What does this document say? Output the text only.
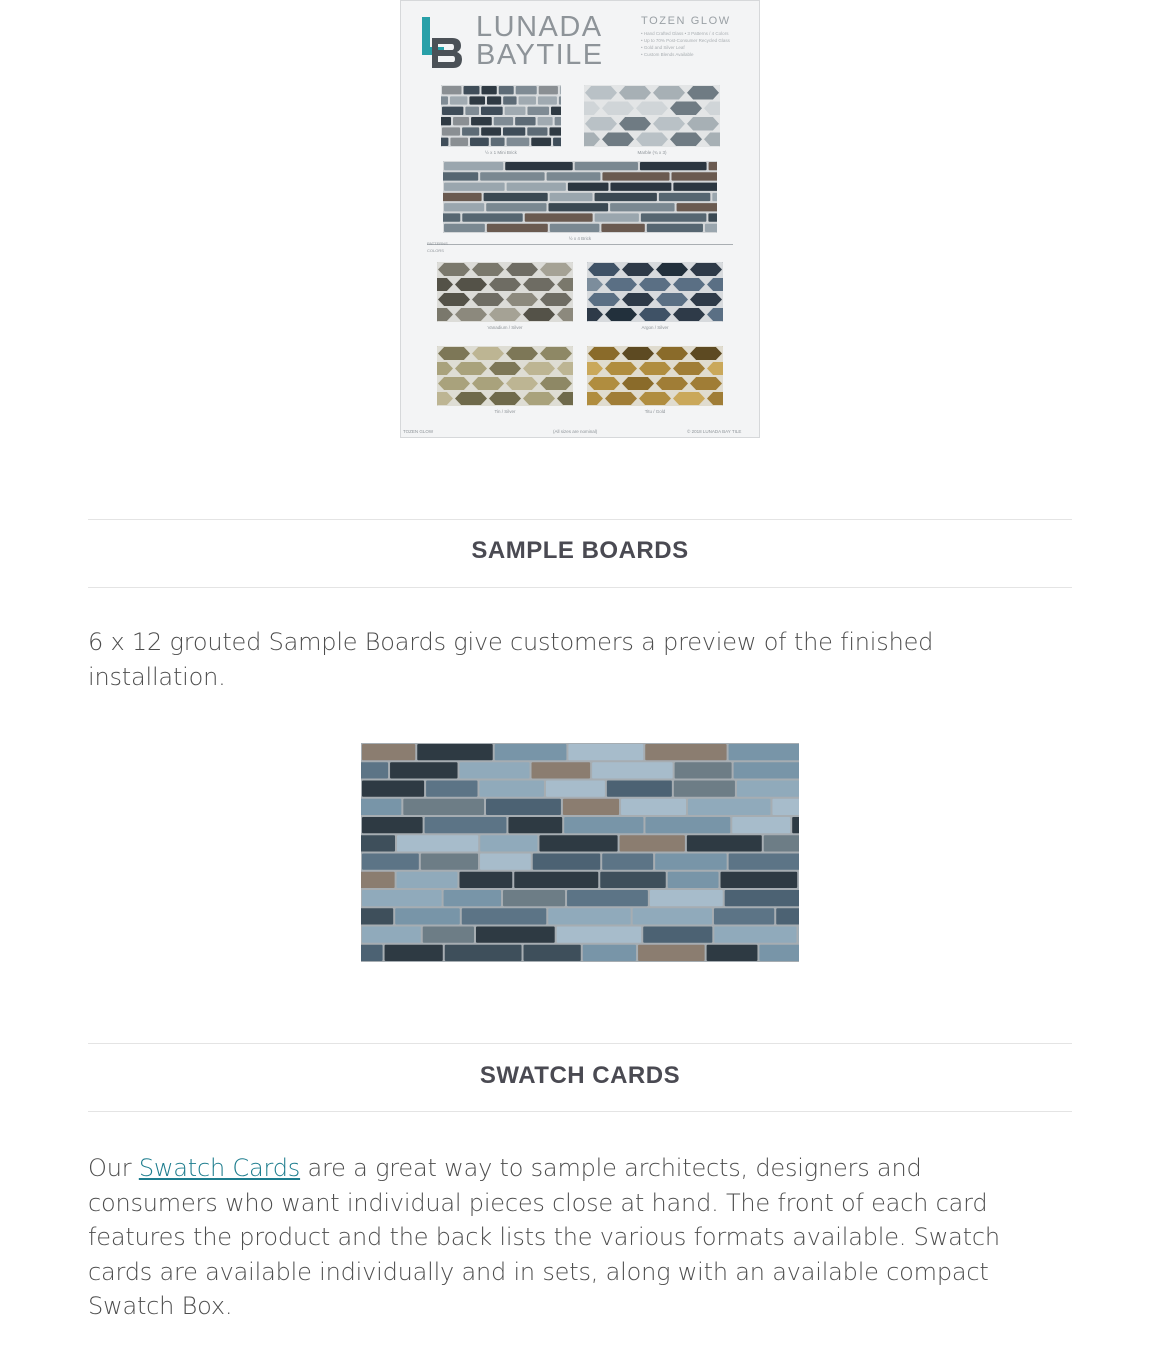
LUNADA
BAYTILE
TOZEN GLOW
• Hand Crafted Glass • 3 Patterns / 4 Colors
• Up to 70% Post-Consumer Recycled Glass
• Gold and Silver Leaf
• Custom Blends Available
½ x 1 Mini Brick	Marble (¾ x 3)
½ x 4 Brick
PATTERNS
COLORS
Vanadium / Silver	Argon / Silver
Tin / Silver	Titu / Gold
TOZEN GLOW	(All sizes are nominal)	© 2018 LUNADA BAY TILE
SAMPLE BOARDS

6 x 12 grouted Sample Boards give customers a preview of the finished installation.

SWATCH CARDS

Our Swatch Cards are a great way to sample architects, designers and consumers who want individual pieces close at hand. The front of each card features the product and the back lists the various formats available. Swatch cards are available individually and in sets, along with an available compact Swatch Box.
